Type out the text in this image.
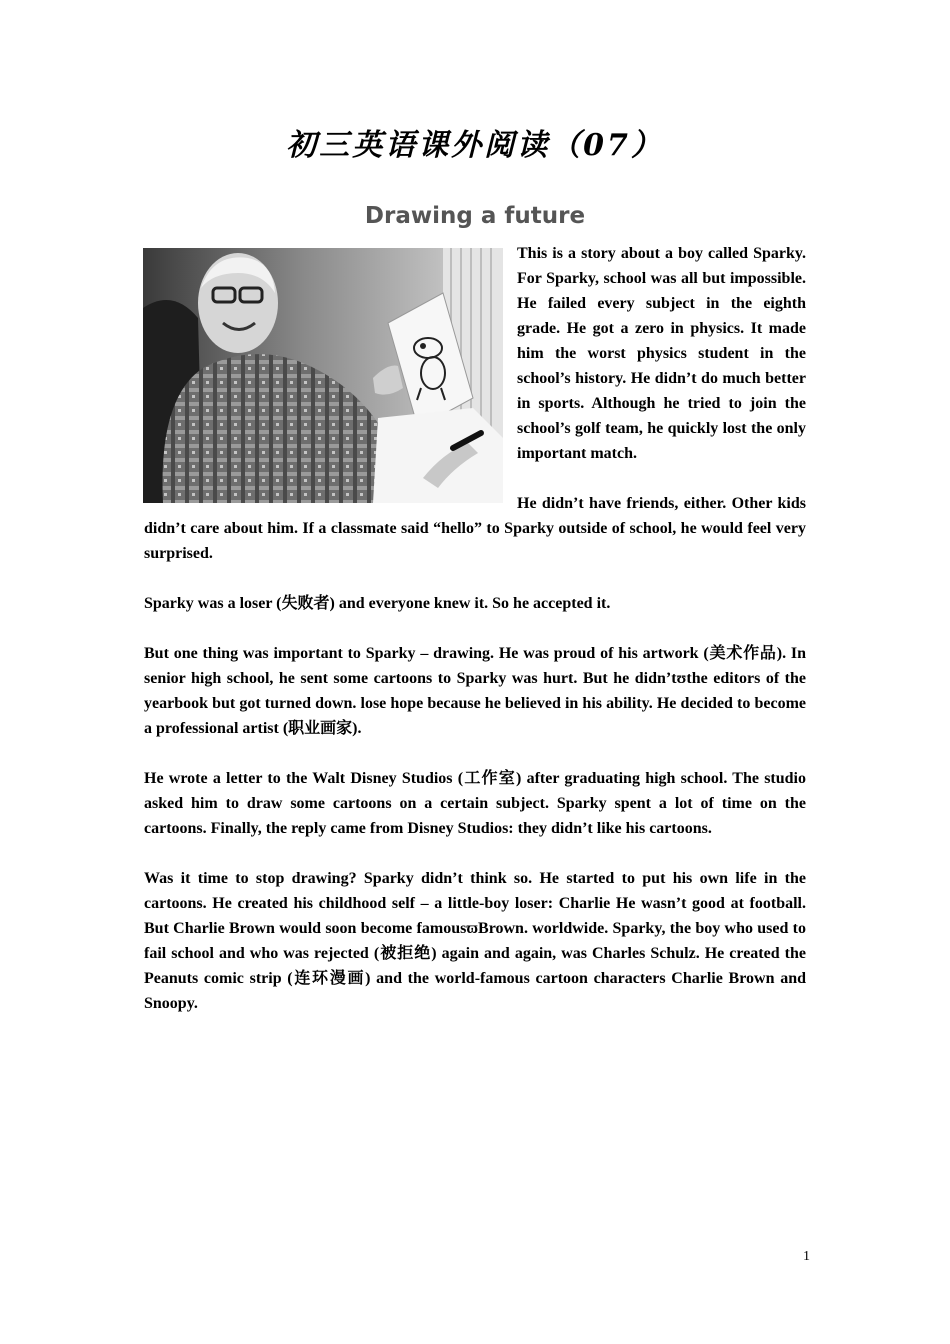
初三英语课外阅读（07）
Drawing a future

This is a story about a boy called Sparky. For Sparky, school was all but impossible. He failed every subject in the eighth grade. He got a zero in physics. It made him the worst physics student in the school’s history. He didn’t do much better in sports. Although he tried to join the school’s golf team, he quickly lost the only important match.

He didn’t have friends, either. Other kids didn’t care about him. If a classmate said “hello” to Sparky outside of school, he would feel very surprised.

Sparky was a loser (失败者) and everyone knew it. So he accepted it.

But one thing was important to Sparky – drawing. He was proud of his artwork (美术作品). In senior high school, he sent some cartoons to Sparky was hurt. But he didn’tʊthe editors of the yearbook but got turned down. lose hope because he believed in his ability. He decided to become a professional artist (职业画家).

He wrote a letter to the Walt Disney Studios (工作室) after graduating high school. The studio asked him to draw some cartoons on a certain subject. Sparky spent a lot of time on the cartoons. Finally, the reply came from Disney Studios: they didn’t like his cartoons.

Was it time to stop drawing? Sparky didn’t think so. He started to put his own life in the cartoons. He created his childhood self – a little-boy loser: Charlie He wasn’t good at football. But Charlie Brown would soon become famousϖBrown. worldwide. Sparky, the boy who used to fail school and who was rejected (被拒绝) again and again, was Charles Schulz. He created the Peanuts comic strip (连环漫画) and the world-famous cartoon characters Charlie Brown and Snoopy.

1
